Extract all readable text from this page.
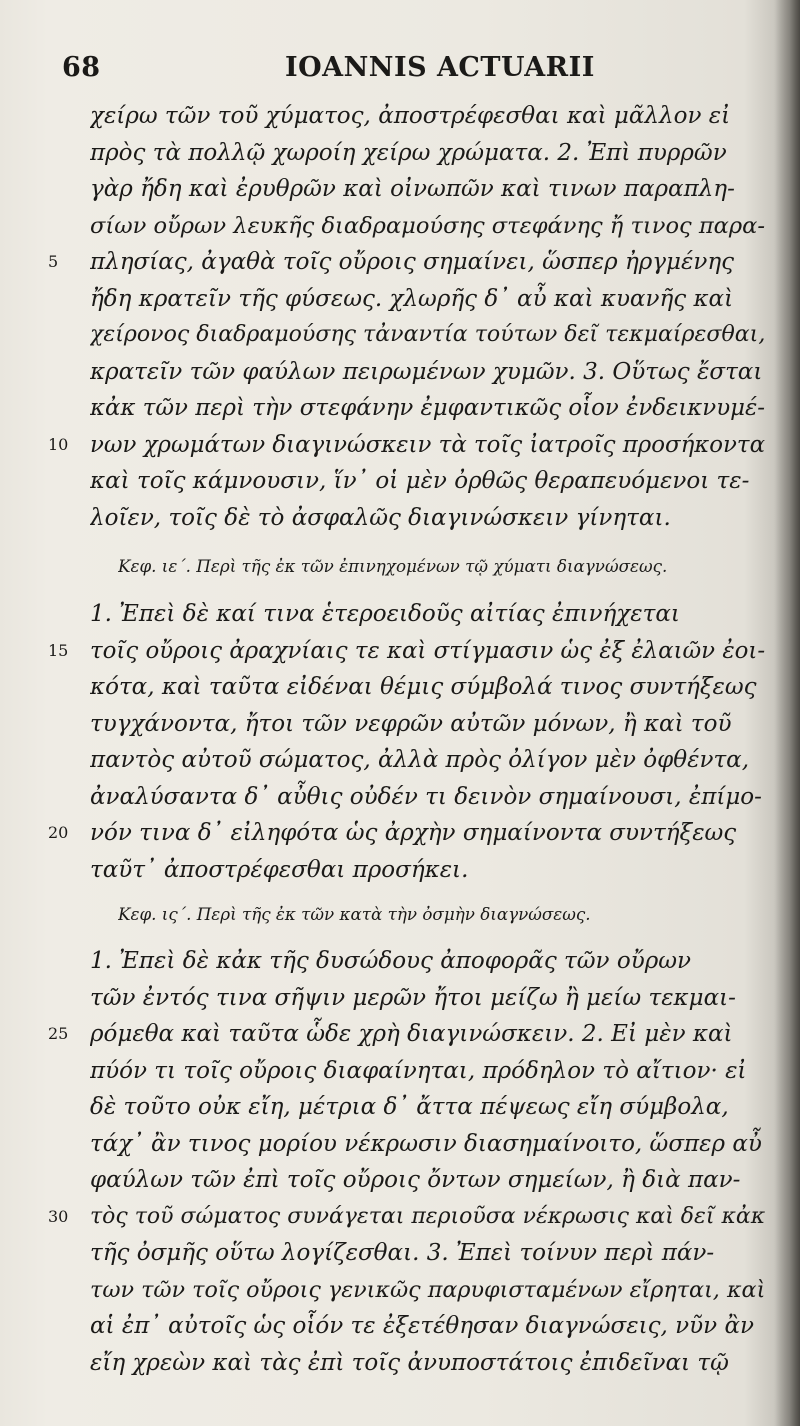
68	IOANNIS ACTUARII
χείρω τῶν τοῦ χύματος, ἀποστρέφεσθαι καὶ μᾶλλον εἰ
πρὸς τὰ πολλῷ χωροίη χείρω χρώματα. 2. Ἐπὶ πυρρῶν
γὰρ ἤδη καὶ ἐρυθρῶν καὶ οἰνωπῶν καὶ τινων παραπλη-
σίων οὔρων λευκῆς διαδραμούσης στεφάνης ἤ τινος παρα-
5	πλησίας, ἀγαθὰ τοῖς οὔροις σημαίνει, ὥσπερ ἠργμένης
ἤδη κρατεῖν τῆς φύσεως. χλωρῆς δ᾽ αὖ καὶ κυανῆς καὶ
χείρονος διαδραμούσης τἀναντία τούτων δεῖ τεκμαίρεσθαι,
κρατεῖν τῶν φαύλων πειρωμένων χυμῶν. 3. Οὕτως ἔσται
κἀκ τῶν περὶ τὴν στεφάνην ἐμφαντικῶς οἷον ἐνδεικνυμέ-
10 νων χρωμάτων διαγινώσκειν τὰ τοῖς ἰατροῖς προσήκοντα
καὶ τοῖς κάμνουσιν, ἵν᾽ οἱ μὲν ὀρθῶς θεραπευόμενοι τε-
λοῖεν, τοῖς δὲ τὸ ἀσφαλῶς διαγινώσκειν γίνηται.
Κεφ. ιε΄. Περὶ τῆς ἐκ τῶν ἐπινηχομένων τῷ χύματι διαγνώσεως.
1. Ἐπεὶ δὲ καί τινα ἑτεροειδοῦς αἰτίας ἐπινήχεται
15 τοῖς οὔροις ἀραχνίαις τε καὶ στίγμασιν ὡς ἐξ ἐλαιῶν ἐοι-
κότα, καὶ ταῦτα εἰδέναι θέμις σύμβολά τινος συντήξεως
τυγχάνοντα, ἤτοι τῶν νεφρῶν αὐτῶν μόνων, ἢ καὶ τοῦ
παντὸς αὐτοῦ σώματος, ἀλλὰ πρὸς ὀλίγον μὲν ὀφθέντα,
ἀναλύσαντα δ᾽ αὖθις οὐδέν τι δεινὸν σημαίνουσι, ἐπίμο-
20 νόν τινα δ᾽ εἰληφότα ὡς ἀρχὴν σημαίνοντα συντήξεως
ταῦτ᾽ ἀποστρέφεσθαι προσήκει.
Κεφ. ις΄. Περὶ τῆς ἐκ τῶν κατὰ τὴν ὀσμὴν διαγνώσεως.
1. Ἐπεὶ δὲ κἀκ τῆς δυσώδους ἀποφορᾶς τῶν οὔρων
τῶν ἐντός τινα σῆψιν μερῶν ἤτοι μείζω ἢ μείω τεκμαι-
25 ρόμεθα καὶ ταῦτα ὧδε χρὴ διαγινώσκειν. 2. Εἰ μὲν καὶ
πύόν τι τοῖς οὔροις διαφαίνηται, πρόδηλον τὸ αἴτιον· εἰ
δὲ τοῦτο οὐκ εἴη, μέτρια δ᾽ ἄττα πέψεως εἴη σύμβολα,
τάχ᾽ ἂν τινος μορίου νέκρωσιν διασημαίνοιτο, ὥσπερ αὖ
φαύλων τῶν ἐπὶ τοῖς οὔροις ὄντων σημείων, ἢ διὰ παν-
30 τὸς τοῦ σώματος συνάγεται περιοῦσα νέκρωσις καὶ δεῖ κἀκ
τῆς ὀσμῆς οὕτω λογίζεσθαι. 3. Ἐπεὶ τοίνυν περὶ πάν-
των τῶν τοῖς οὔροις γενικῶς παρυφισταμένων εἴρηται, καὶ
αἱ ἐπ᾽ αὐτοῖς ὡς οἷόν τε ἐξετέθησαν διαγνώσεις, νῦν ἂν
εἴη χρεὼν καὶ τὰς ἐπὶ τοῖς ἀνυποστάτοις ἐπιδεῖναι τῷ
